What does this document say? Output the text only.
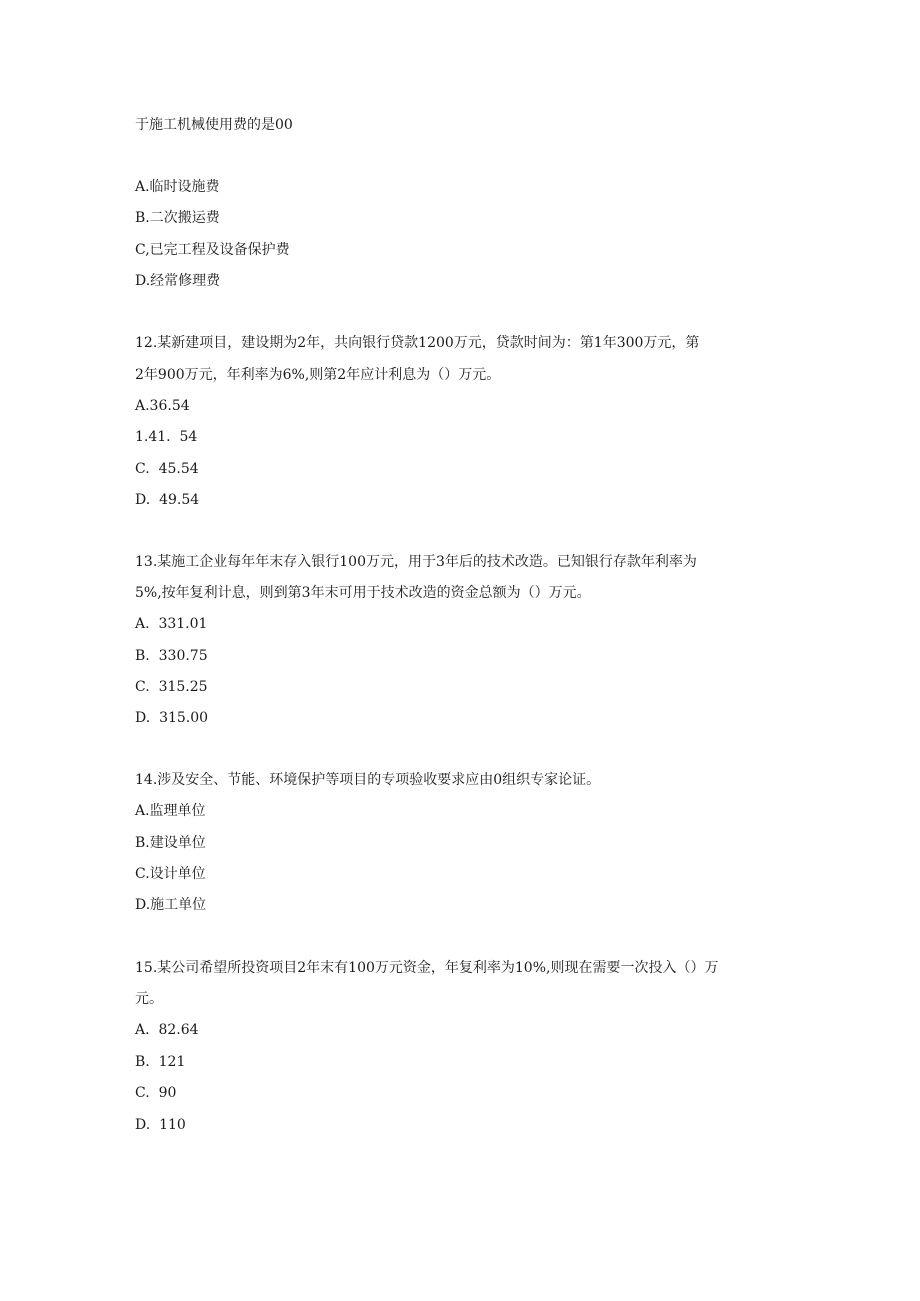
于施工机械使用费的是00
A.临时设施费
B.二次搬运费
C,已完工程及设备保护费
D.经常修理费
12.某新建项目，建设期为2年，共向银行贷款1200万元，贷款时间为：第1年300万元，第
2年900万元，年利率为6%,则第2年应计利息为（）万元。
A.36.54
1.41.  54
C.  45.54
D.  49.54
13.某施工企业每年年末存入银行100万元，用于3年后的技术改造。已知银行存款年利率为
5%,按年复利计息，则到第3年末可用于技术改造的资金总额为（）万元。
A.  331.01
B.  330.75
C.  315.25
D.  315.00
14.涉及安全、节能、环境保护等项目的专项验收要求应由0组织专家论证。
A.监理单位
B.建设单位
C.设计单位
D.施工单位
15.某公司希望所投资项目2年末有100万元资金，年复利率为10%,则现在需要一次投入（）万
元。
A.  82.64
B.  121
C.  90
D.  110
